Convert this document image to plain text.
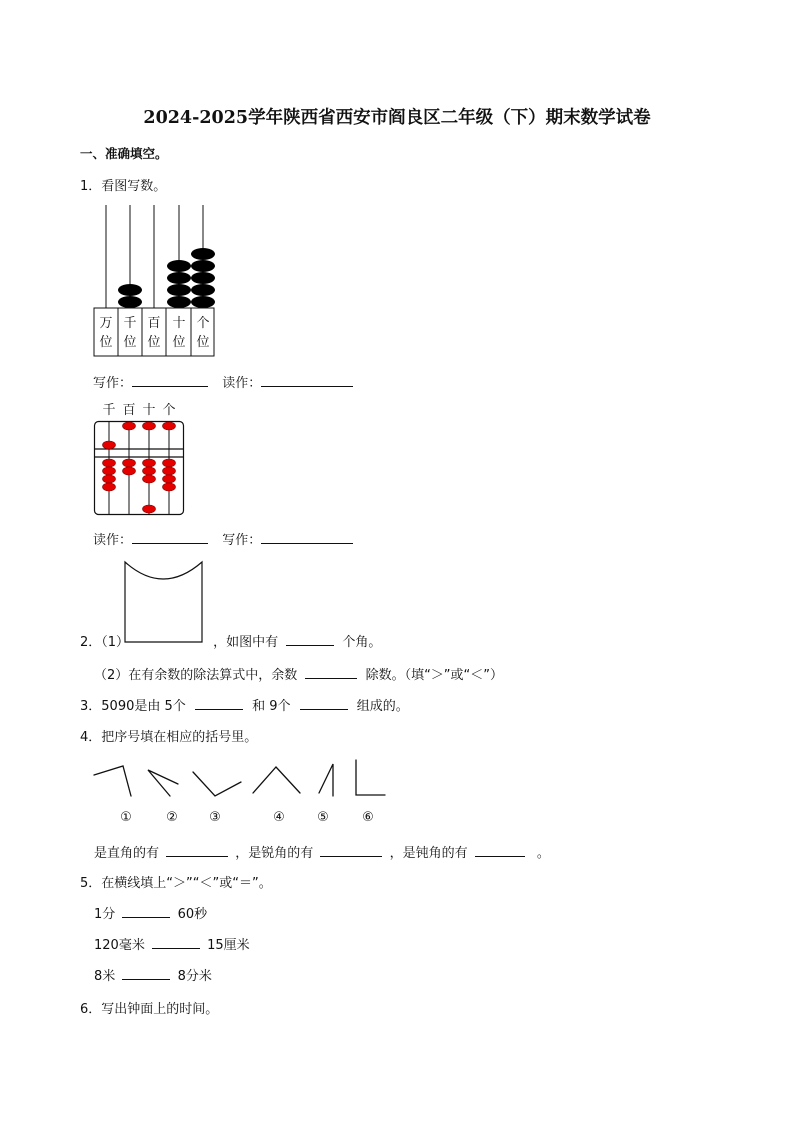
2024-2025学年陕西省西安市阎良区二年级（下）期末数学试卷
一、准确填空。
1．看图写数。
万
位
千
位
百
位
十
位
个
位
写作：	读作：
千 百 十 个
读作：	写作：
2．（1）	，如图中有	个角。
（2）在有余数的除法算式中，余数	除数。（填“＞”或“＜”）
3．5090是由 5个	和 9个	组成的。
4．把序号填在相应的括号里。
①	② ③	④ ⑤	⑥
是直角的有	，是锐角的有	，是钝角的有	。
5．在横线填上“＞”“＜”或“＝”。
1分	60秒
120毫米	15厘米
8米	8分米
6．写出钟面上的时间。
